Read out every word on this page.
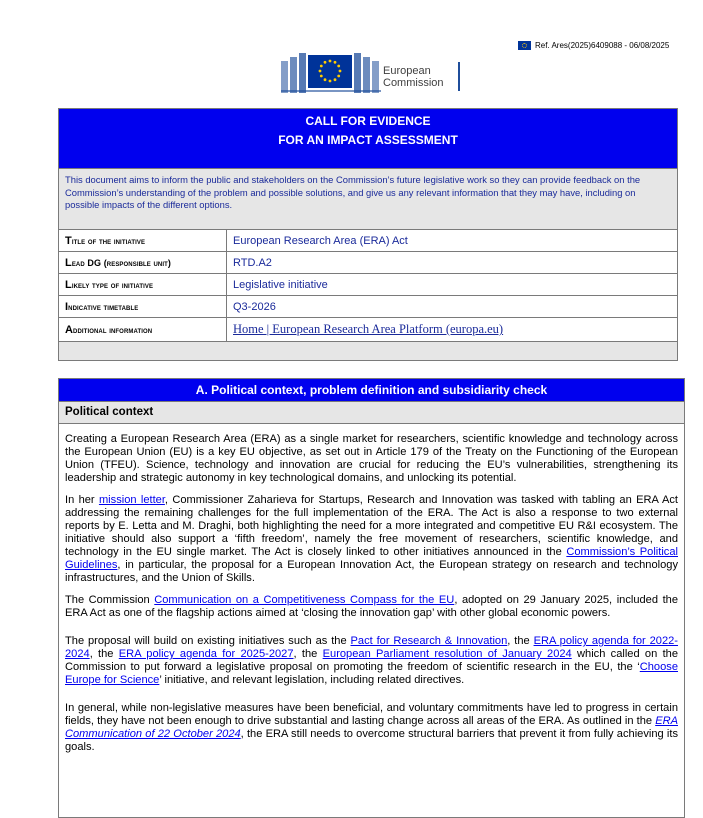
Ref. Ares(2025)6409088 - 06/08/2025
European
Commission
CALL FOR EVIDENCE
FOR AN IMPACT ASSESSMENT
This document aims to inform the public and stakeholders on the Commission’s future legislative work so they can provide feedback on the Commission’s understanding of the problem and possible solutions, and give us any relevant information that they may have, including on possible impacts of the different options.
T itle of the initiative	European Research Area (ERA) Act
L ead DG (responsible unit)	RTD.A2
L ikely type of initiative	Legislative initiative
I ndicative timetable	Q3-2026
A dditional information	Home | European Research Area Platform (europa.eu)
A. Political context, problem definition and subsidiarity check
Political context

Creating a European Research Area (ERA) as a single market for researchers, scientific knowledge and technology across the European Union (EU) is a key EU objective, as set out in Article 179 of the Treaty on the Functioning of the European Union (TFEU). Science, technology and innovation are crucial for reducing the EU’s vulnerabilities, strengthening its leadership and strategic autonomy in key technological domains, and unlocking its potential.

In her mission letter, Commissioner Zaharieva for Startups, Research and Innovation was tasked with tabling an ERA Act addressing the remaining challenges for the full implementation of the ERA. The Act is also a response to two external reports by E. Letta and M. Draghi, both highlighting the need for a more integrated and competitive EU R&I ecosystem. The initiative should also support a ‘fifth freedom’, namely the free movement of researchers, scientific knowledge, and technology in the EU single market. The Act is closely linked to other initiatives announced in the Commission’s Political Guidelines, in particular, the proposal for a European Innovation Act, the European strategy on research and technology infrastructures, and the Union of Skills.

The Commission Communication on a Competitiveness Compass for the EU, adopted on 29 January 2025, included the ERA Act as one of the flagship actions aimed at ‘closing the innovation gap’ with other global economic powers.

The proposal will build on existing initiatives such as the Pact for Research & Innovation, the ERA policy agenda for 2022-2024, the ERA policy agenda for 2025-2027, the European Parliament resolution of January 2024 which called on the Commission to put forward a legislative proposal on promoting the freedom of scientific research in the EU, the ‘Choose Europe for Science’ initiative, and relevant legislation, including related directives.

In general, while non-legislative measures have been beneficial, and voluntary commitments have led to progress in certain fields, they have not been enough to drive substantial and lasting change across all areas of the ERA. As outlined in the ERA Communication of 22 October 2024, the ERA still needs to overcome structural barriers that prevent it from fully achieving its goals.
